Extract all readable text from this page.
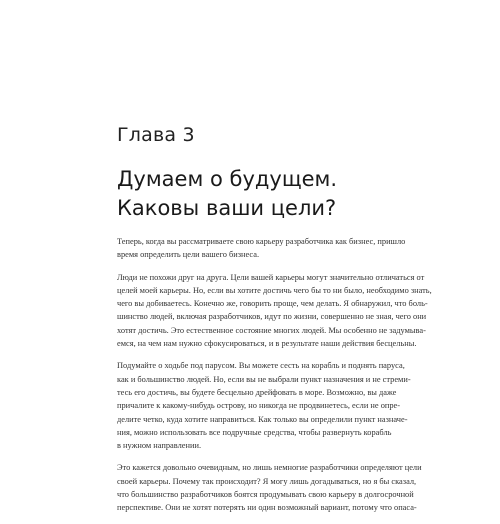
Глава 3
Думаем о будущем.
Каковы ваши цели?
Теперь, когда вы рассматриваете свою карьеру разработчика как бизнес, пришло
время определить цели вашего бизнеса.
Люди не похожи друг на друга. Цели вашей карьеры могут значительно отличаться от
целей моей карьеры. Но, если вы хотите достичь чего бы то ни было, необходимо знать,
чего вы добиваетесь. Конечно же, говорить проще, чем делать. Я обнаружил, что боль-
шинство людей, включая разработчиков, идут по жизни, совершенно не зная, чего они
хотят достичь. Это естественное состояние многих людей. Мы особенно не задумыва-
емся, на чем нам нужно сфокусироваться, и в результате наши действия бесцельны.
Подумайте о ходьбе под парусом. Вы можете сесть на корабль и поднять паруса,
как и большинство людей. Но, если вы не выбрали пункт назначения и не стреми-
тесь его достичь, вы будете бесцельно дрейфовать в море. Возможно, вы даже
причалите к какому-нибудь острову, но никогда не продвинетесь, если не опре-
делите четко, куда хотите направиться. Как только вы определили пункт назначе-
ния, можно использовать все подручные средства, чтобы развернуть корабль
в нужном направлении.
Это кажется довольно очевидным, но лишь немногие разработчики определяют цели
своей карьеры. Почему так происходит? Я могу лишь догадываться, но я бы сказал,
что большинство разработчиков боятся продумывать свою карьеру в долгосрочной
перспективе. Они не хотят потерять ни один возможный вариант, потому что опаса-
